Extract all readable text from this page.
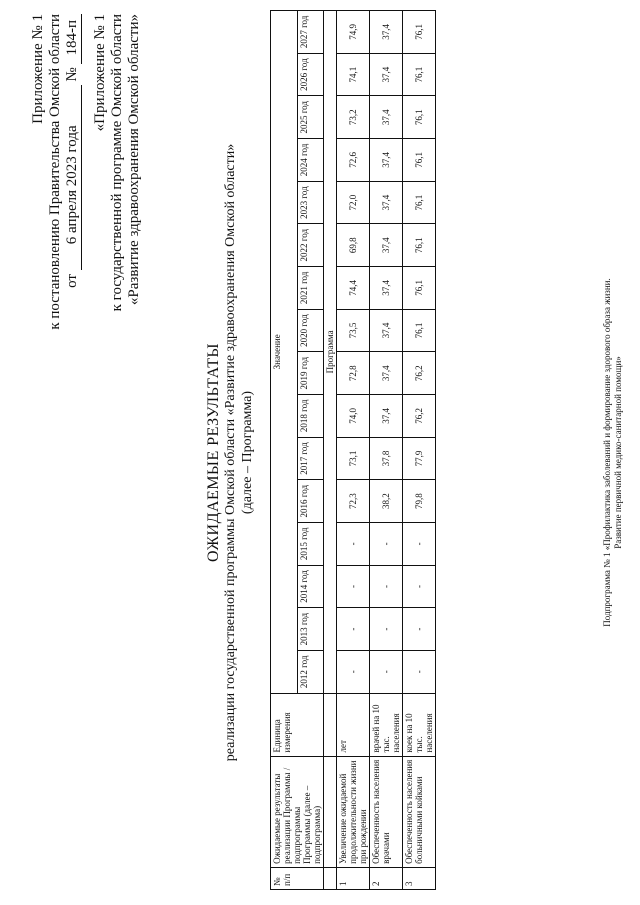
Приложение № 1 к постановлению Правительства Омской области от 6 апреля 2023 года № 184-п «Приложение № 1 к государственной программе Омской области «Развитие здравоохранения Омской области»
ОЖИДАЕМЫЕ РЕЗУЛЬТАТЫ реализации государственной программы Омской области «Развитие здравоохранения Омской области» (далее – Программа)
№ п/п	Ожидаемые результаты реализации Программы / подпрограммы Программы (далее – подпрограмма)	Единица измерения	Значение															
			2012 год	2013 год	2014 год	2015 год	2016 год	2017 год	2018 год	2019 год	2020 год	2021 год	2022 год	2023 год	2024 год	2025 год	2026 год	2027 год
			Программа															
1	Увеличение ожидаемой продолжительности жизни при рождении	лет	-	-	-	-	72,3	73,1	74,0	72,8	73,5	74,4	69,8	72,0	72,6	73,2	74,1	74,9
2	Обеспеченность населения врачами	врачей на 10 тыс. населения	-	-	-	-	38,2	37,8	37,4	37,4	37,4	37,4	37,4	37,4	37,4	37,4	37,4	37,4
3	Обеспеченность населения больничными койками	коек на 10 тыс. населения	-	-	-	-	79,8	77,9	76,2	76,2	76,1	76,1	76,1	76,1	76,1	76,1	76,1	76,1
Подпрограмма № 1 «Профилактика заболеваний и формирование здорового образа жизни. Развитие первичной медико-санитарной помощи»
